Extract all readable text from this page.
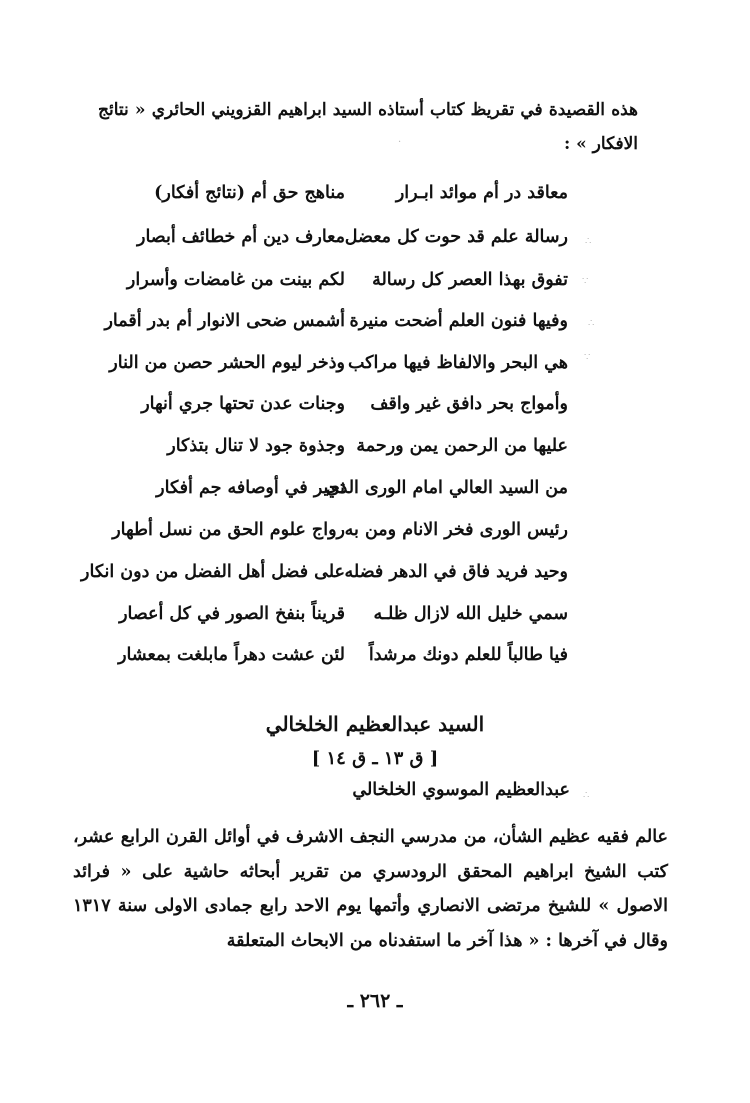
هذه القصيدة في تقريظ كتاب أستاذه السيد ابراهيم القزويني الحائري « نتائج الافكار » :
معاقد در أم موائد ابـرار
مناهج حق أم (نتائج أفكار)
رسالة علم قد حوت كل معضل
معارف دين أم خطائف أبصار
تفوق بهذا العصر كل رسالة
لكم بينت من غامضات وأسرار
وفيها فنون العلم أضحت منيرة
أشمس ضحى الانوار أم بدر أقمار
هي البحر والالفاظ فيها مراكب
وذخر ليوم الحشر حصن من النار
وأمواج بحر دافق غير واقف
وجنات عدن تحتها جري أنهار
عليها من الرحمن يمن ورحمة
وجذوة جود لا تنال بتذكار
من السيد العالي امام الورى الذي
تحير في أوصافه جم أفكار
رئيس الورى فخر الانام ومن به
رواج علوم الحق من نسل أطهار
وحيد فريد فاق في الدهر فضله
على فضل أهل الفضل من دون انكار
سمي خليل الله لازال ظلـه
قريناً بنفخ الصور في كل أعصار
فيا طالباً للعلم دونك مرشداً
لئن عشت دهراً مابلغت بمعشار
السيد عبدالعظيم الخلخالي
[ ق ١٣ ـ ق ١٤ ]
عبدالعظيم الموسوي الخلخالي
عالم فقيه عظيم الشأن، من مدرسي النجف الاشرف في أوائل القرن الرابع عشر، كتب الشيخ ابراهيم المحقق الرودسري من تقرير أبحاثه حاشية على « فرائد الاصول » للشيخ مرتضى الانصاري وأتمها يوم الاحد رابع جمادى الاولى سنة ١٣١٧ وقال في آخرها : « هذا آخر ما استفدناه من الابحاث المتعلقة
ـ ٢٦٢ ـ
∴
∵
∴
∵
·
∴
